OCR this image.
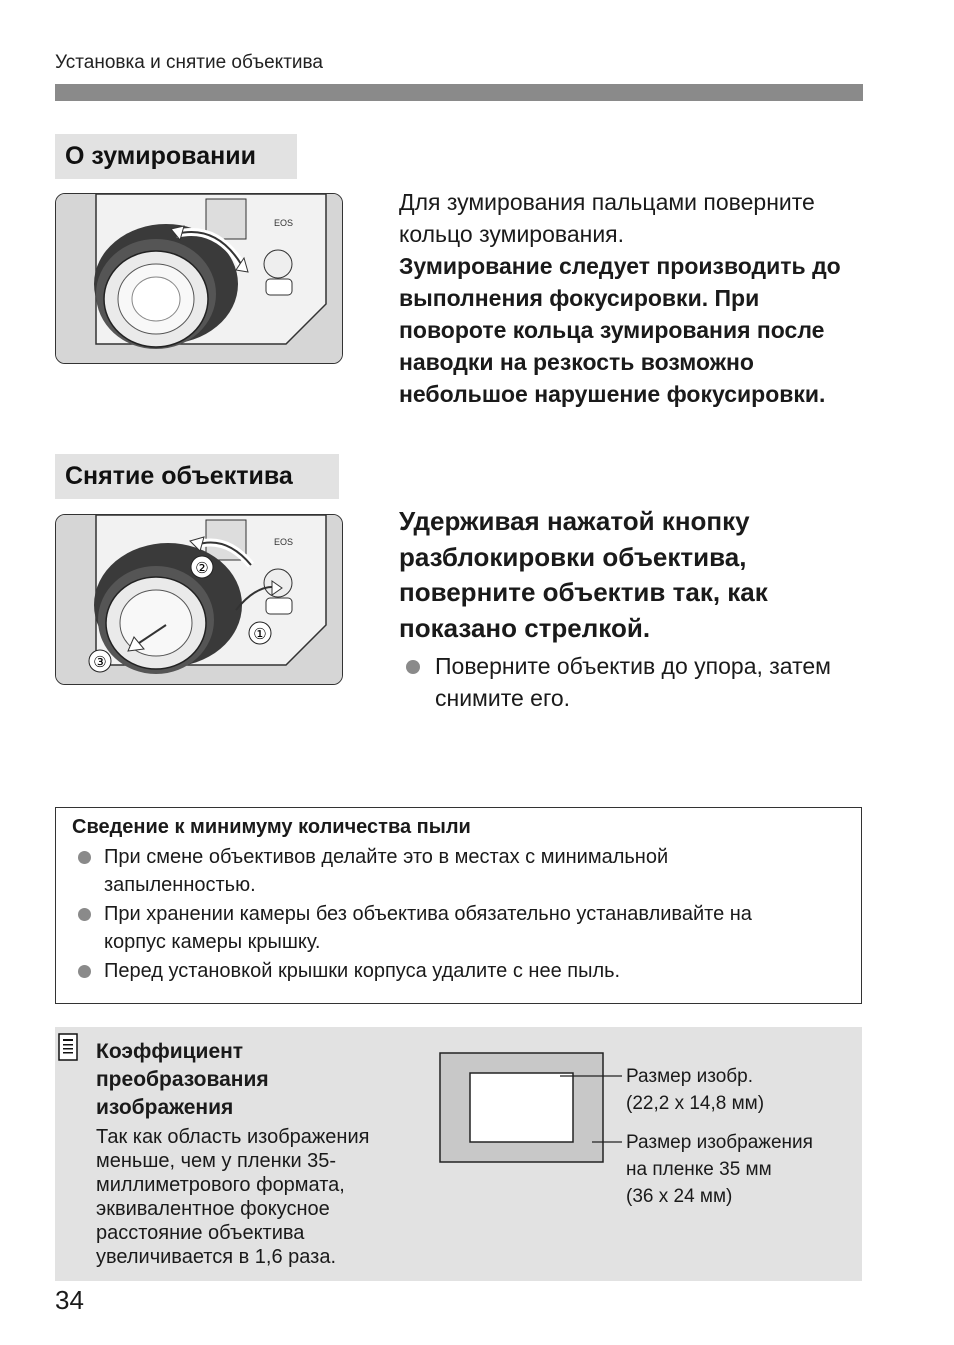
Установка и снятие объектива
О зумировании
EOS
Для зумирования пальцами поверните кольцо зумирования.
Зумирование следует производить до выполнения фокусировки. При повороте кольца зумирования после наводки на резкость возможно небольшое нарушение фокусировки.
Снятие объектива
EOS
②
①
③
Удерживая нажатой кнопку разблокировки объектива, поверните объектив так, как показано стрелкой.
Поверните объектив до упора, затем снимите его.
Сведение к минимуму количества пыли
При смене объективов делайте это в местах с минимальной запыленностью.
При хранении камеры без объектива обязательно устанавливайте на корпус камеры крышку.
Перед установкой крышки корпуса удалите с нее пыль.
Коэффициент преобразования изображения
Так как область изображения меньше, чем у пленки 35-миллиметрового формата, эквивалентное фокусное расстояние объектива увеличивается в 1,6 раза.
Размер изобр.
(22,2 x 14,8 мм)
Размер изображения
на пленке 35 мм
(36 x 24 мм)
34
